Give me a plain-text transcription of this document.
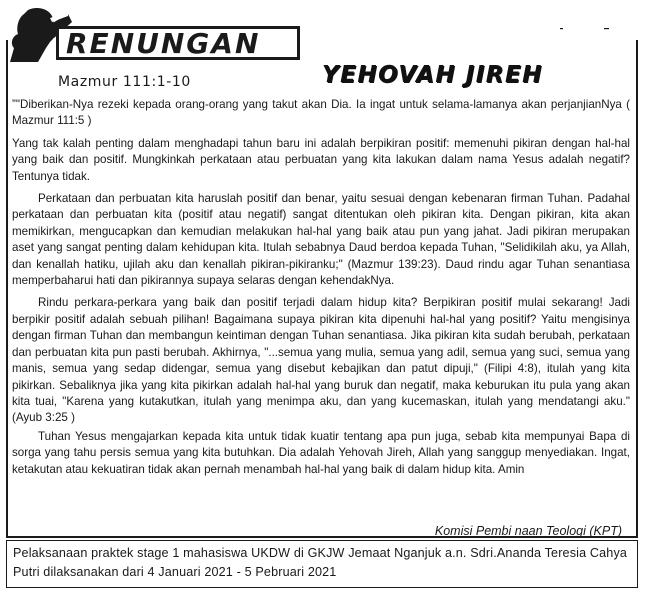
RENUNGAN
Mazmur 111:1-10	YEHOVAH JIREH

”"Diberikan-Nya rezeki kepada orang-orang yang takut akan Dia. Ia ingat untuk selama-lamanya akan perjanjianNya ( Mazmur 111:5 )

Yang tak kalah penting dalam menghadapi tahun baru ini adalah berpikiran positif: memenuhi pikiran dengan hal-hal yang baik dan positif. Mungkinkah perkataan atau perbuatan yang kita lakukan dalam nama Yesus adalah negatif? Tentunya tidak.

Perkataan dan perbuatan kita haruslah positif dan benar, yaitu sesuai dengan kebenaran firman Tuhan. Padahal perkataan dan perbuatan kita (positif atau negatif) sangat ditentukan oleh pikiran kita. Dengan pikiran, kita akan memikirkan, mengucapkan dan kemudian melakukan hal-hal yang baik atau pun yang jahat. Jadi pikiran merupakan aset yang sangat penting dalam kehidupan kita. Itulah sebabnya Daud berdoa kepada Tuhan, "Selidikilah aku, ya Allah, dan kenallah hatiku, ujilah aku dan kenallah pikiran-pikiranku;" (Mazmur 139:23). Daud rindu agar Tuhan senantiasa memperbaharui hati dan pikirannya supaya selaras dengan kehendakNya.

Rindu perkara-perkara yang baik dan positif terjadi dalam hidup kita? Berpikiran positif mulai sekarang! Jadi berpikir positif adalah sebuah pilihan! Bagaimana supaya pikiran kita dipenuhi hal-hal yang positif? Yaitu mengisinya dengan firman Tuhan dan membangun keintiman dengan Tuhan senantiasa. Jika pikiran kita sudah berubah, perkataan dan perbuatan kita pun pasti berubah. Akhirnya, "...semua yang mulia, semua yang adil, semua yang suci, semua yang manis, semua yang sedap didengar, semua yang disebut kebajikan dan patut dipuji," (Filipi 4:8), itulah yang kita pikirkan. Sebaliknya jika yang kita pikirkan adalah hal-hal yang buruk dan negatif, maka keburukan itu pula yang akan kita tuai, "Karena yang kutakutkan, itulah yang menimpa aku, dan yang kucemaskan, itulah yang mendatangi aku." (Ayub 3:25 )

Tuhan Yesus mengajarkan kepada kita untuk tidak kuatir tentang apa pun juga, sebab kita mempunyai Bapa di sorga yang tahu persis semua yang kita butuhkan. Dia adalah Yehovah Jireh, Allah yang sanggup menyediakan. Ingat, ketakutan atau kekuatiran tidak akan pernah menambah hal-hal yang baik di dalam hidup kita. Amin

Komisi Pembi naan Teologi (KPT)
Pelaksanaan praktek stage 1 mahasiswa UKDW di GKJW Jemaat Nganjuk a.n. Sdri.Ananda Teresia Cahya Putri dilaksanakan dari 4 Januari 2021 - 5 Pebruari 2021
